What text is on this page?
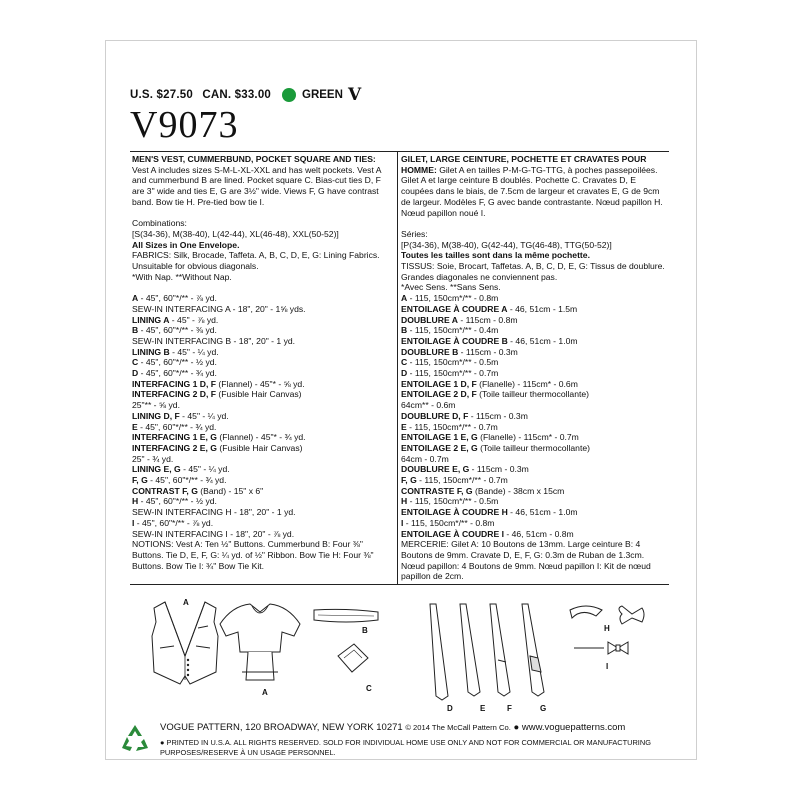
U.S. $27.50 CAN. $33.00	GREEN V
V9073

MEN'S VEST, CUMMERBUND, POCKET SQUARE AND TIES: Vest A includes sizes S-M-L-XL-XXL and has welt pockets. Vest A and cummerbund B are lined. Pocket square C. Bias-cut ties D, F are 3" wide and ties E, G are 3½" wide. Views F, G have contrast band. Bow tie H. Pre-tied bow tie I.

Combinations:

[S(34-36), M(38-40), L(42-44), XL(46-48), XXL(50-52)]

All Sizes in One Envelope.

FABRICS: Silk, Brocade, Taffeta. A, B, C, D, E, G: Lining Fabrics. Unsuitable for obvious diagonals.

*With Nap. **Without Nap.

A - 45", 60"*/** - ⅞ yd.

SEW-IN INTERFACING A - 18", 20" - 1⅝ yds.

LINING A - 45" - ⅞ yd.

B - 45", 60"*/** - ⅜ yd.

SEW-IN INTERFACING B - 18", 20" - 1 yd.

LINING B - 45" - ¼ yd.

C - 45", 60"*/** - ½ yd.

D - 45", 60"*/** - ¾ yd.

INTERFACING 1 D, F (Flannel) - 45"* - ⅝ yd.

INTERFACING 2 D, F (Fusible Hair Canvas)

25"** - ⅝ yd.

LINING D, F - 45" - ¼ yd.

E - 45", 60"*/** - ¾ yd.

INTERFACING 1 E, G (Flannel) - 45"* - ¾ yd.

INTERFACING 2 E, G (Fusible Hair Canvas)

25" - ¾ yd.

LINING E, G - 45" - ¼ yd.

F, G - 45", 60"*/** - ¾ yd.

CONTRAST F, G (Band) - 15" x 6"

H - 45", 60"*/** - ½ yd.

SEW-IN INTERFACING H - 18", 20" - 1 yd.

I - 45", 60"*/** - ⅞ yd.

SEW-IN INTERFACING I - 18", 20" - ⅞ yd.

NOTIONS: Vest A: Ten ½" Buttons. Cummerbund B: Four ⅜" Buttons. Tie D, E, F, G: ¼ yd. of ½" Ribbon. Bow Tie H: Four ⅜" Buttons. Bow Tie I: ¾" Bow Tie Kit.

GILET, LARGE CEINTURE, POCHETTE ET CRAVATES POUR HOMME: Gilet A en tailles P-M-G-TG-TTG, à poches passepoilées. Gilet A et large ceinture B doublés. Pochette C. Cravates D, E coupées dans le biais, de 7.5cm de largeur et cravates E, G de 9cm de largeur. Modèles F, G avec bande contrastante. Nœud papillon H. Nœud papillon noué I.

Séries:

[P(34-36), M(38-40), G(42-44), TG(46-48), TTG(50-52)]

Toutes les tailles sont dans la même pochette.

TISSUS: Soie, Brocart, Taffetas. A, B, C, D, E, G: Tissus de doublure.

Grandes diagonales ne conviennent pas.

*Avec Sens. **Sans Sens.

A - 115, 150cm*/** - 0.8m

ENTOILAGE À COUDRE A - 46, 51cm - 1.5m

DOUBLURE A - 115cm - 0.8m

B - 115, 150cm*/** - 0.4m

ENTOILAGE À COUDRE B - 46, 51cm - 1.0m

DOUBLURE B - 115cm - 0.3m

C - 115, 150cm*/** - 0.5m

D - 115, 150cm*/** - 0.7m

ENTOILAGE 1 D, F (Flanelle) - 115cm* - 0.6m

ENTOILAGE 2 D, F (Toile tailleur thermocollante)

64cm** - 0.6m

DOUBLURE D, F - 115cm - 0.3m

E - 115, 150cm*/** - 0.7m

ENTOILAGE 1 E, G (Flanelle) - 115cm* - 0.7m

ENTOILAGE 2 E, G (Toile tailleur thermocollante)

64cm - 0.7m

DOUBLURE E, G - 115cm - 0.3m

F, G - 115, 150cm*/** - 0.7m

CONTRASTE F, G (Bande) - 38cm x 15cm

H - 115, 150cm*/** - 0.5m

ENTOILAGE À COUDRE H - 46, 51cm - 1.0m

I - 115, 150cm*/** - 0.8m

ENTOILAGE À COUDRE I - 46, 51cm - 0.8m

MERCERIE: Gilet A: 10 Boutons de 13mm. Large ceinture B: 4 Boutons de 9mm. Cravate D, E, F, G: 0.3m de Ruban de 1.3cm. Nœud papillon: 4 Boutons de 9mm. Nœud papillon I: Kit de nœud papillon de 2cm.

A
A
B
C
D	E	F	G
H
I
VOGUE PATTERN, 120 BROADWAY, NEW YORK 10271 © 2014 The McCall Pattern Co. ● www.voguepatterns.com
● PRINTED IN U.S.A. ALL RIGHTS RESERVED. SOLD FOR INDIVIDUAL HOME USE ONLY AND NOT FOR COMMERCIAL OR MANUFACTURING PURPOSES/RESERVE À UN USAGE PERSONNEL.
